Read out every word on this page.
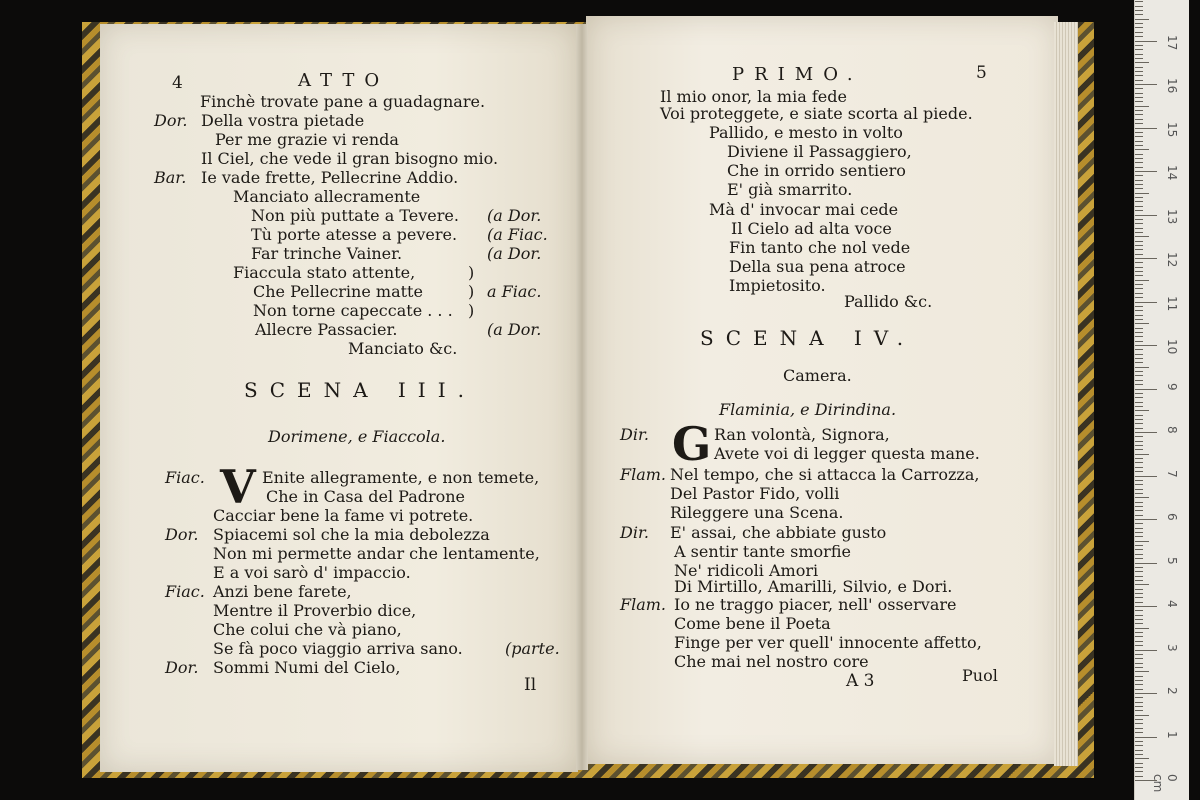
4	ATTO
Finchè trovate pane a guadagnare.
Dor. Della vostra pietade
Per me grazie vi renda
Il Ciel, che vede il gran bisogno mio.
Bar. Ie vade frette, Pellecrine Addio.
Manciato allecramente
Non più puttate a Tevere. (a Dor.
Tù porte atesse a pevere. (a Fiac.
Far trinche Vainer.	(a Dor.
Fiaccula stato attente,	)
Che Pellecrine matte	) a Fiac.
Non torne capeccate . . . )
Allecre Passacier.	(a Dor.
Manciato &c.
SCENA III.
Dorimene, e Fiaccola.
Fiac. V Enite allegramente, e non temete,
Che in Casa del Padrone
Cacciar bene la fame vi potrete.
Dor. Spiacemi sol che la mia debolezza
Non mi permette andar che lentamente,
E a voi sarò d' impaccio.
Fiac. Anzi bene farete,
Mentre il Proverbio dice,
Che colui che và piano,
Se fà poco viaggio arriva sano.	(parte.
Dor. Sommi Numi del Cielo,
Il
PRIMO.	5
Il mio onor, la mia fede
Voi proteggete, e siate scorta al piede.
Pallido, e mesto in volto
Diviene il Passaggiero,
Che in orrido sentiero
E' già smarrito.
Mà d' invocar mai cede
Il Cielo ad alta voce
Fin tanto che nol vede
Della sua pena atroce
Impietosito.
Pallido &c.
SCENA IV.
Camera.
Flaminia, e Dirindina.
Dir. G Ran volontà, Signora,
Avete voi di legger questa mane.
Flam. Nel tempo, che si attacca la Carrozza,
Del Pastor Fido, volli
Rileggere una Scena.
Dir. E' assai, che abbiate gusto
A sentir tante smorfie
Ne' ridicoli Amori
Di Mirtillo, Amarilli, Silvio, e Dori.
Flam. Io ne traggo piacer, nell' osservare
Come bene il Poeta
Finge per ver quell' innocente affetto,
Che mai nel nostro core
A 3	Puol
17
16
15
14
13
12
11
10
9
8
7
6
5
4
3
2
1
0 cm
